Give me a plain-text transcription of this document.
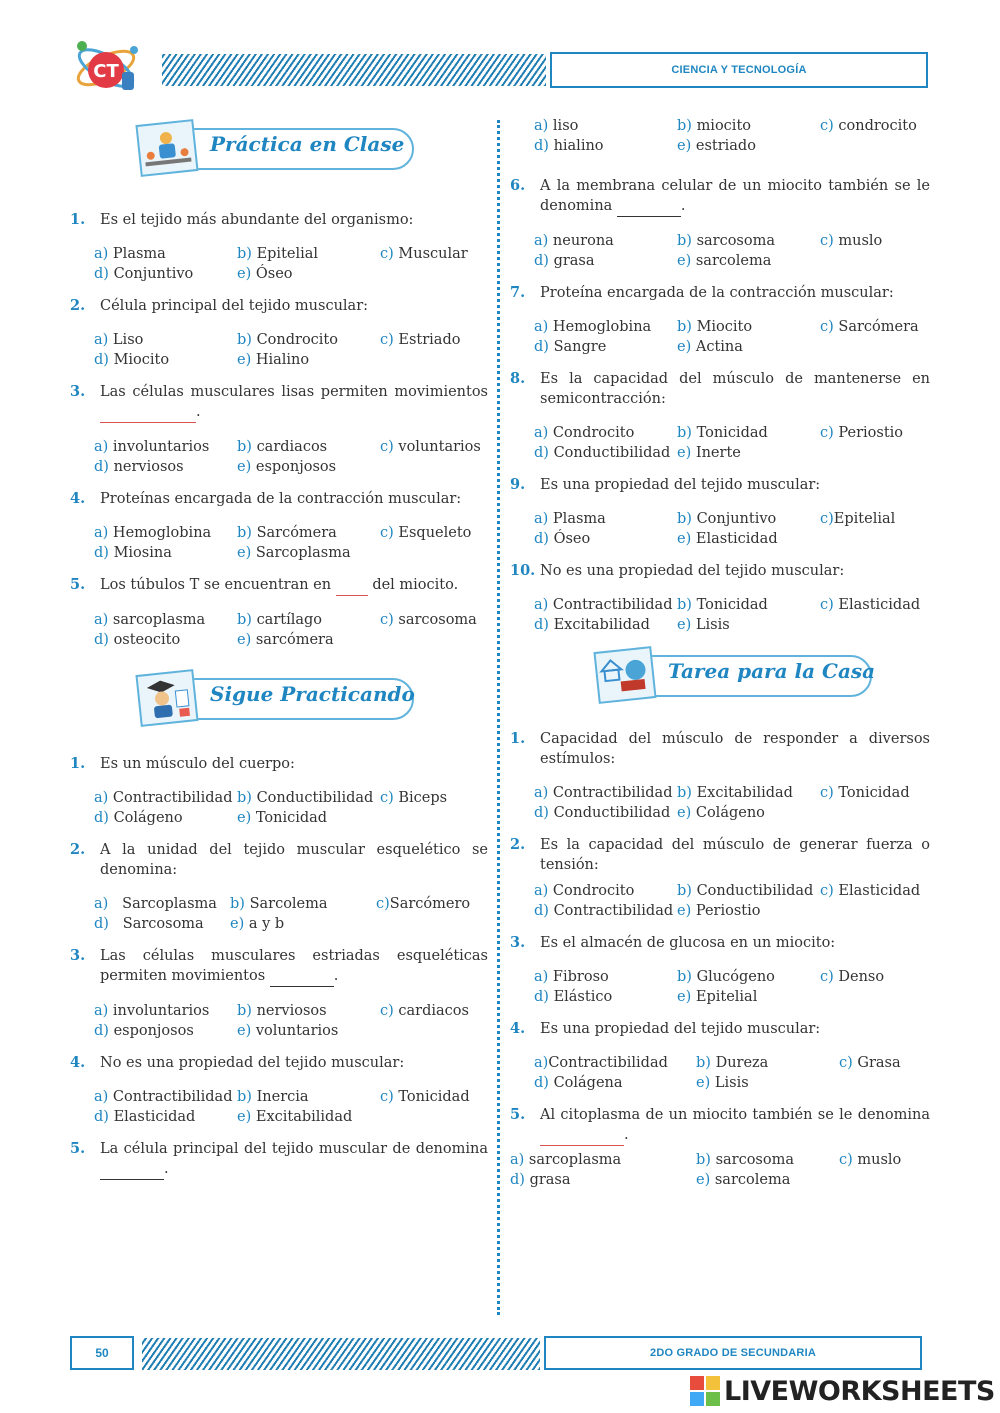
CT	CIENCIA Y TECNOLOGÍA
Práctica en Clase
1. Es el tejido más abundante del organismo:
a) Plasma	b) Epitelial	c) Muscular
d) Conjuntivo	e) Óseo
2. Célula principal del tejido muscular:
a) Liso	b) Condrocito	c) Estriado
d) Miocito	e) Hialino
3. Las células musculares lisas permiten movimientos
.
a) involuntarios	b) cardiacos	c) voluntarios
d) nerviosos	e) esponjosos
4. Proteínas encargada de la contracción muscular:
a) Hemoglobina	b) Sarcómera	c) Esqueleto
d) Miosina	e) Sarcoplasma
5. Los túbulos T se encuentran en	del miocito.
a) sarcoplasma	b) cartílago	c) sarcosoma
d) osteocito	e) sarcómera
Sigue Practicando
1. Es un músculo del cuerpo:
a) Contractibilidad b) Conductibilidad c) Biceps
d) Colágeno	e) Tonicidad
2. A la unidad del tejido muscular esquelético se denomina:
a) Sarcoplasma b) Sarcolema	c)Sarcómero
d) Sarcosoma	e) a y b
3. Las células musculares estriadas esqueléticas permiten movimientos	.
a) involuntarios	b) nerviosos	c) cardiacos
d) esponjosos	e) voluntarios
4. No es una propiedad del tejido muscular:
a) Contractibilidad b) Inercia	c) Tonicidad
d) Elasticidad	e) Excitabilidad
5. La célula principal del tejido muscular de denomina
.
a) liso	b) miocito	c) condrocito
d) hialino	e) estriado
6. A la membrana celular de un miocito también se le denomina	.
a) neurona	b) sarcosoma	c) muslo
d) grasa	e) sarcolema
7. Proteína encargada de la contracción muscular:
a) Hemoglobina	b) Miocito	c) Sarcómera
d) Sangre	e) Actina
8. Es la capacidad del músculo de mantenerse en semicontracción:
a) Condrocito	b) Tonicidad	c) Periostio
d) Conductibilidad e) Inerte
9. Es una propiedad del tejido muscular:
a) Plasma	b) Conjuntivo	c)Epitelial
d) Óseo	e) Elasticidad
10. No es una propiedad del tejido muscular:
a) Contractibilidad b) Tonicidad	c) Elasticidad
d) Excitabilidad	e) Lisis
Tarea para la Casa
1. Capacidad del músculo de responder a diversos estímulos:
a) Contractibilidad b) Excitabilidad	c) Tonicidad
d) Conductibilidad e) Colágeno
2. Es la capacidad del músculo de generar fuerza o tensión:
a) Condrocito	b) Conductibilidad c) Elasticidad
d) Contractibilidad e) Periostio
3. Es el almacén de glucosa en un miocito:
a) Fibroso	b) Glucógeno	c) Denso
d) Elástico	e) Epitelial
4. Es una propiedad del tejido muscular:
a)Contractibilidad	b) Dureza	c) Grasa
d) Colágena	e) Lisis
5. Al citoplasma de un miocito también se le denomina
.
a) sarcoplasma	b) sarcosoma	c) muslo
d) grasa	e) sarcolema
50	2DO GRADO DE SECUNDARIA
LIVEWORKSHEETS
